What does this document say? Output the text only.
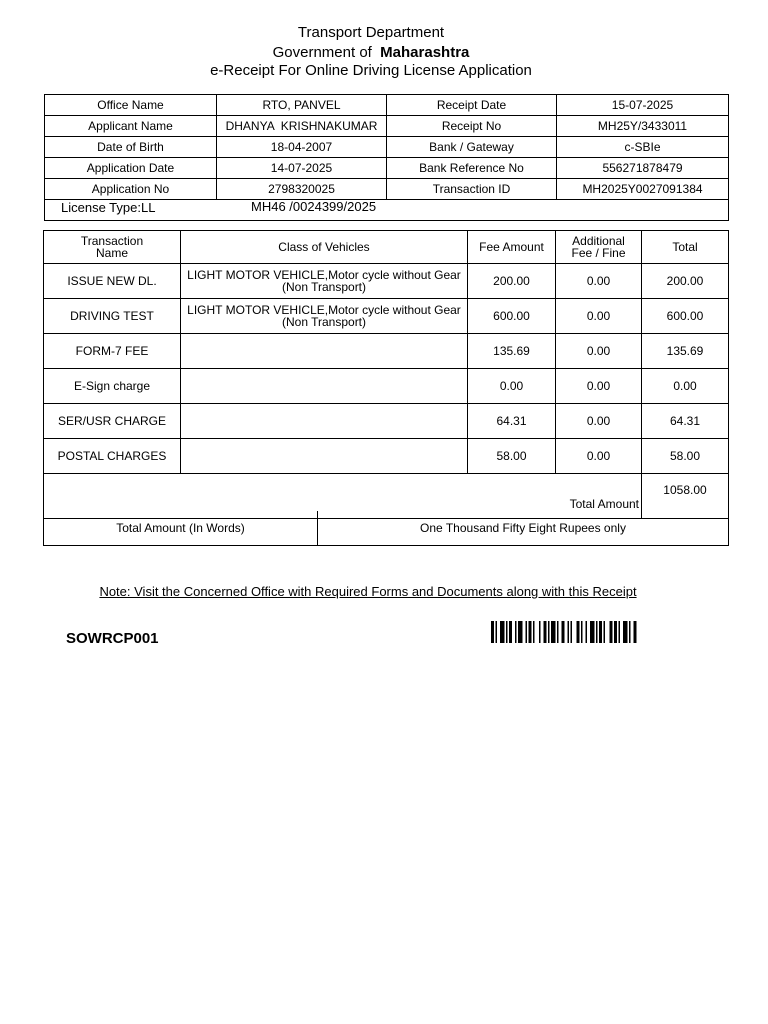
Transport Department
Government of Maharashtra
e-Receipt For Online Driving License Application
Office Name	RTO, PANVEL	Receipt Date	15-07-2025
Applicant Name	DHANYA  KRISHNAKUMAR	Receipt No	MH25Y/3433011
Date of Birth	18-04-2007	Bank / Gateway	c-SBIe
Application Date	14-07-2025	Bank Reference No	556271878479
Application No	2798320025	Transaction ID	MH2025Y0027091384

License Type:LL MH46 /0024399/2025			
Transaction
Name	Class of Vehicles	Fee Amount	Additional
Fee / Fine	Total
ISSUE NEW DL.	LIGHT MOTOR VEHICLE,Motor cycle without Gear
(Non Transport)	200.00	0.00	200.00
DRIVING TEST	LIGHT MOTOR VEHICLE,Motor cycle without Gear
(Non Transport)	600.00	0.00	600.00
FORM-7 FEE		135.69	0.00	135.69
E-Sign charge		0.00	0.00	0.00
SER/USR CHARGE		64.31	0.00	64.31
POSTAL CHARGES		58.00	0.00	58.00
Total Amount				1058.00
Total Amount (In Words)	One Thousand Fifty Eight Rupees only
Note: Visit the Concerned Office with Required Forms and Documents along with this Receipt
SOWRCP001
